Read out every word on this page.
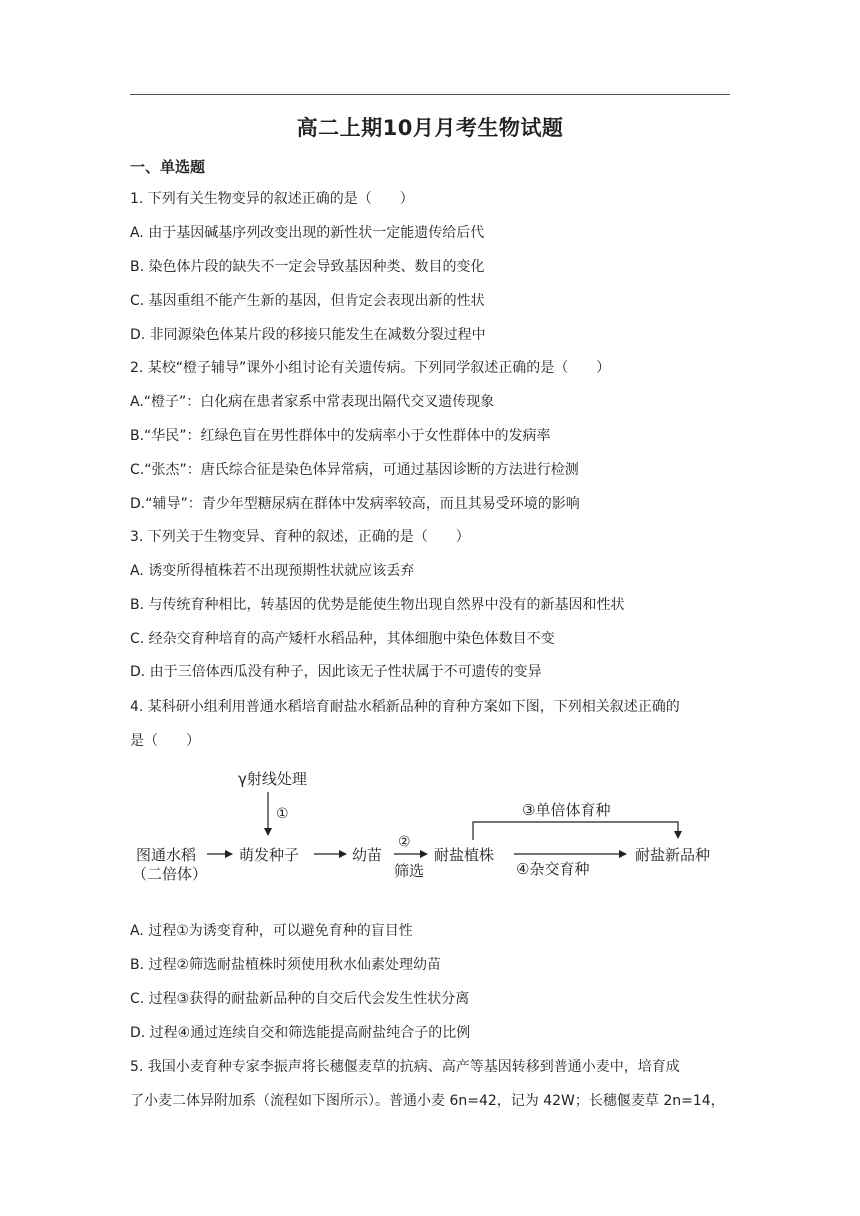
高二上期10月月考生物试题
一、单选题
1. 下列有关生物变异的叙述正确的是（　　）
A. 由于基因碱基序列改变出现的新性状一定能遗传给后代
B. 染色体片段的缺失不一定会导致基因种类、数目的变化
C. 基因重组不能产生新的基因，但肯定会表现出新的性状
D. 非同源染色体某片段的移接只能发生在减数分裂过程中
2. 某校“橙子辅导”课外小组讨论有关遗传病。下列同学叙述正确的是（　　）
A.“橙子”：白化病在患者家系中常表现出隔代交叉遗传现象
B.“华民”：红绿色盲在男性群体中的发病率小于女性群体中的发病率
C.“张杰”：唐氏综合征是染色体异常病，可通过基因诊断的方法进行检测
D.“辅导”：青少年型糖尿病在群体中发病率较高，而且其易受环境的影响
3. 下列关于生物变异、育种的叙述，正确的是（　　）
A. 诱变所得植株若不出现预期性状就应该丢弃
B. 与传统育种相比，转基因的优势是能使生物出现自然界中没有的新基因和性状
C. 经杂交育种培育的高产矮杆水稻品种，其体细胞中染色体数目不变
D. 由于三倍体西瓜没有种子，因此该无子性状属于不可遗传的变异
4. 某科研小组利用普通水稻培育耐盐水稻新品种的育种方案如下图，下列相关叙述正确的
是（　　）
γ射线处理
①
图通水稻
（二倍体）
萌发种子	幼苗
②
筛选
耐盐植株
③单倍体育种
④杂交育种
耐盐新品种
A. 过程①为诱变育种，可以避免育种的盲目性
B. 过程②筛选耐盐植株时须使用秋水仙素处理幼苗
C. 过程③获得的耐盐新品种的自交后代会发生性状分离
D. 过程④通过连续自交和筛选能提高耐盐纯合子的比例
5. 我国小麦育种专家李振声将长穗偃麦草的抗病、高产等基因转移到普通小麦中，培育成
了小麦二体异附加系（流程如下图所示）。普通小麦 6n=42，记为 42W；长穗偃麦草 2n=14，
